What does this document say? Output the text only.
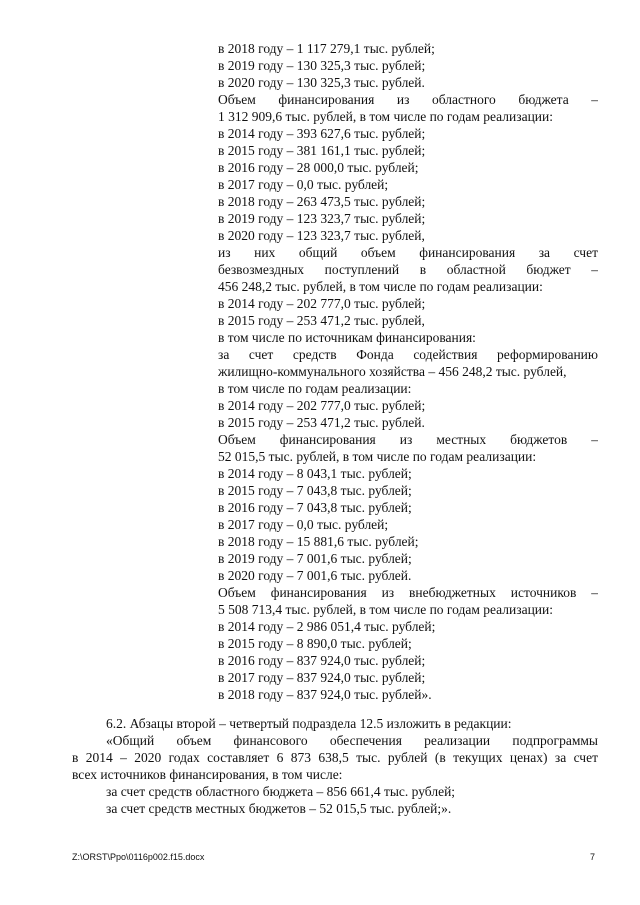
в 2018 году – 1 117 279,1 тыс. рублей;
в 2019 году – 130 325,3 тыс. рублей;
в 2020 году – 130 325,3 тыс. рублей.
Объем финансирования из областного бюджета –
1 312 909,6 тыс. рублей, в том числе по годам реализации:
в 2014 году – 393 627,6 тыс. рублей;
в 2015 году – 381 161,1 тыс. рублей;
в 2016 году – 28 000,0 тыс. рублей;
в 2017 году – 0,0 тыс. рублей;
в 2018 году – 263 473,5 тыс. рублей;
в 2019 году – 123 323,7 тыс. рублей;
в 2020 году – 123 323,7 тыс. рублей,
из них общий объем финансирования за счет
безвозмездных поступлений в областной бюджет –
456 248,2 тыс. рублей, в том числе по годам реализации:
в 2014 году – 202 777,0 тыс. рублей;
в 2015 году – 253 471,2 тыс. рублей,
в том числе по источникам финансирования:
за счет средств Фонда содействия реформированию
жилищно-коммунального хозяйства – 456 248,2 тыс. рублей,
в том числе по годам реализации:
в 2014 году – 202 777,0 тыс. рублей;
в 2015 году – 253 471,2 тыс. рублей.
Объем финансирования из местных бюджетов –
52 015,5 тыс. рублей, в том числе по годам реализации:
в 2014 году – 8 043,1 тыс. рублей;
в 2015 году – 7 043,8 тыс. рублей;
в 2016 году – 7 043,8 тыс. рублей;
в 2017 году – 0,0 тыс. рублей;
в 2018 году – 15 881,6 тыс. рублей;
в 2019 году – 7 001,6 тыс. рублей;
в 2020 году – 7 001,6 тыс. рублей.
Объем финансирования из внебюджетных источников –
5 508 713,4 тыс. рублей, в том числе по годам реализации:
в 2014 году – 2 986 051,4 тыс. рублей;
в 2015 году – 8 890,0 тыс. рублей;
в 2016 году – 837 924,0 тыс. рублей;
в 2017 году – 837 924,0 тыс. рублей;
в 2018 году – 837 924,0 тыс. рублей».
6.2. Абзацы второй – четвертый подраздела 12.5 изложить в редакции:
«Общий объем финансового обеспечения реализации подпрограммы
в 2014 – 2020 годах составляет 6 873 638,5 тыс. рублей (в текущих ценах) за счет
всех источников финансирования, в том числе:
за счет средств областного бюджета – 856 661,4 тыс. рублей;
за счет средств местных бюджетов – 52 015,5 тыс. рублей;».
Z:\ORST\Ppo\0116p002.f15.docx	7
